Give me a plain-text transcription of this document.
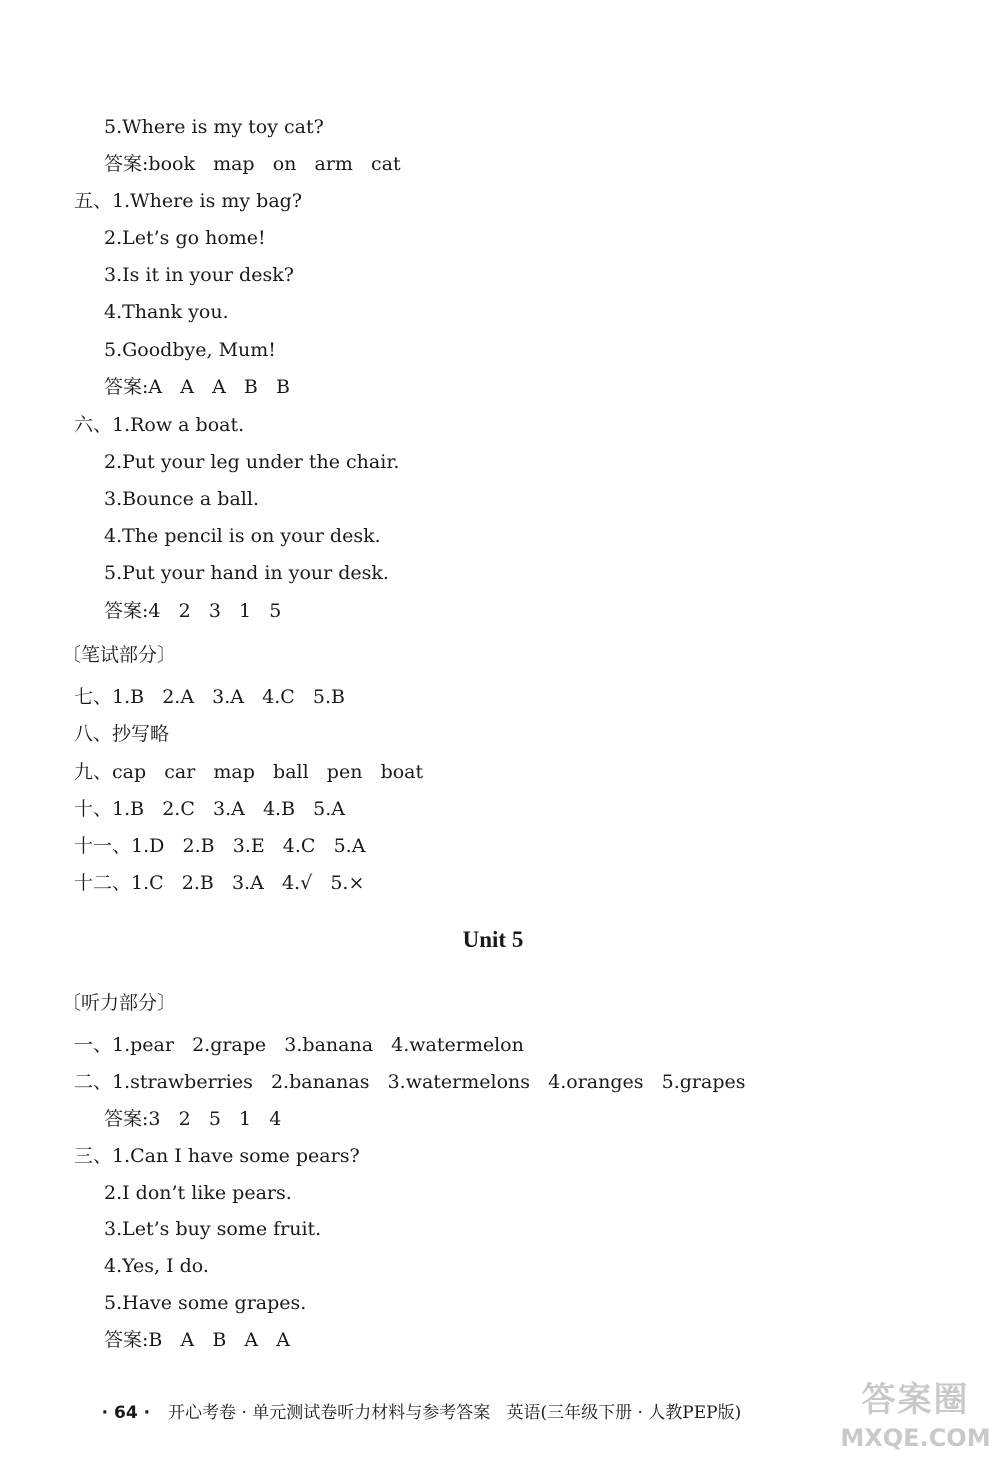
5.Where is my toy cat?
答案:book   map   on   arm   cat
五、1.Where is my bag?
2.Let’s go home!
3.Is it in your desk?
4.Thank you.
5.Goodbye, Mum!
答案:A   A   A   B   B
六、1.Row a boat.
2.Put your leg under the chair.
3.Bounce a ball.
4.The pencil is on your desk.
5.Put your hand in your desk.
答案:4   2   3   1   5
〔笔试部分〕
七、1.B   2.A   3.A   4.C   5.B
八、抄写略
九、cap   car   map   ball   pen   boat
十、1.B   2.C   3.A   4.B   5.A
十一、1.D   2.B   3.E   4.C   5.A
十二、1.C   2.B   3.A   4.√   5.×
Unit 5
〔听力部分〕
一、1.pear   2.grape   3.banana   4.watermelon
二、1.strawberries   2.bananas   3.watermelons   4.oranges   5.grapes
答案:3   2   5   1   4
三、1.Can I have some pears?
2.I don’t like pears.
3.Let’s buy some fruit.
4.Yes, I do.
5.Have some grapes.
答案:B   A   B   A   A

· 64 · 开心考卷 · 单元测试卷听力材料与参考答案   英语(三年级下册 · 人教PEP版)
	答案圈
MXQE.COM
